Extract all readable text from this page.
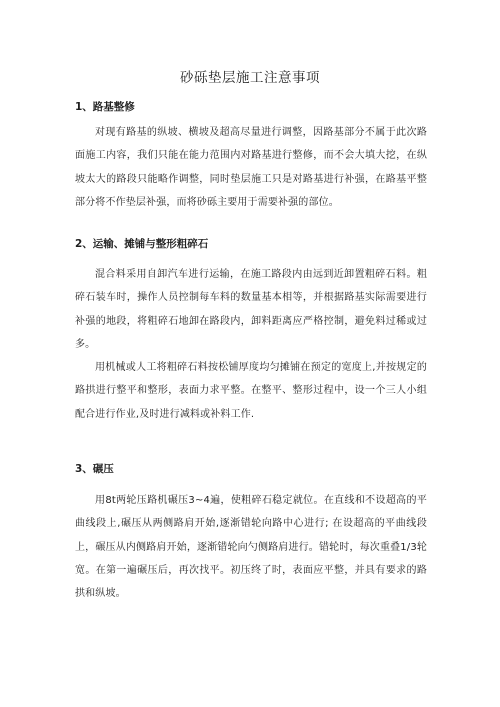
砂砾垫层施工注意事项
1、路基整修

对现有路基的纵坡、横坡及超高尽量进行调整，因路基部分不属于此次路面施工内容，我们只能在能力范围内对路基进行整修，而不会大填大挖，在纵坡太大的路段只能略作调整，同时垫层施工只是对路基进行补强，在路基平整部分将不作垫层补强，而将砂砾主要用于需要补强的部位。

2、运输、摊铺与整形粗碎石

混合料采用自卸汽车进行运输，在施工路段内由远到近卸置粗碎石料。粗碎石装车时，操作人员控制每车料的数量基本相等，并根据路基实际需要进行补强的地段，将粗碎石地卸在路段内，卸料距离应严格控制，避免料过稀或过多。

用机械或人工将粗碎石料按松铺厚度均匀摊铺在预定的宽度上,并按规定的路拱进行整平和整形，表面力求平整。在整平、整形过程中，设一个三人小组配合进行作业,及时进行减料或补料工作.

3、碾压

用8t两轮压路机碾压3~4遍，使粗碎石稳定就位。在直线和不设超高的平曲线段上,碾压从两侧路肩开始,逐渐错轮向路中心进行; 在设超高的平曲线段上，碾压从内侧路肩开始，逐渐错轮向勺侧路肩进行。错轮时，每次重叠1/3轮宽。在第一遍碾压后，再次找平。初压终了时，表面应平整，并具有要求的路拱和纵坡。
